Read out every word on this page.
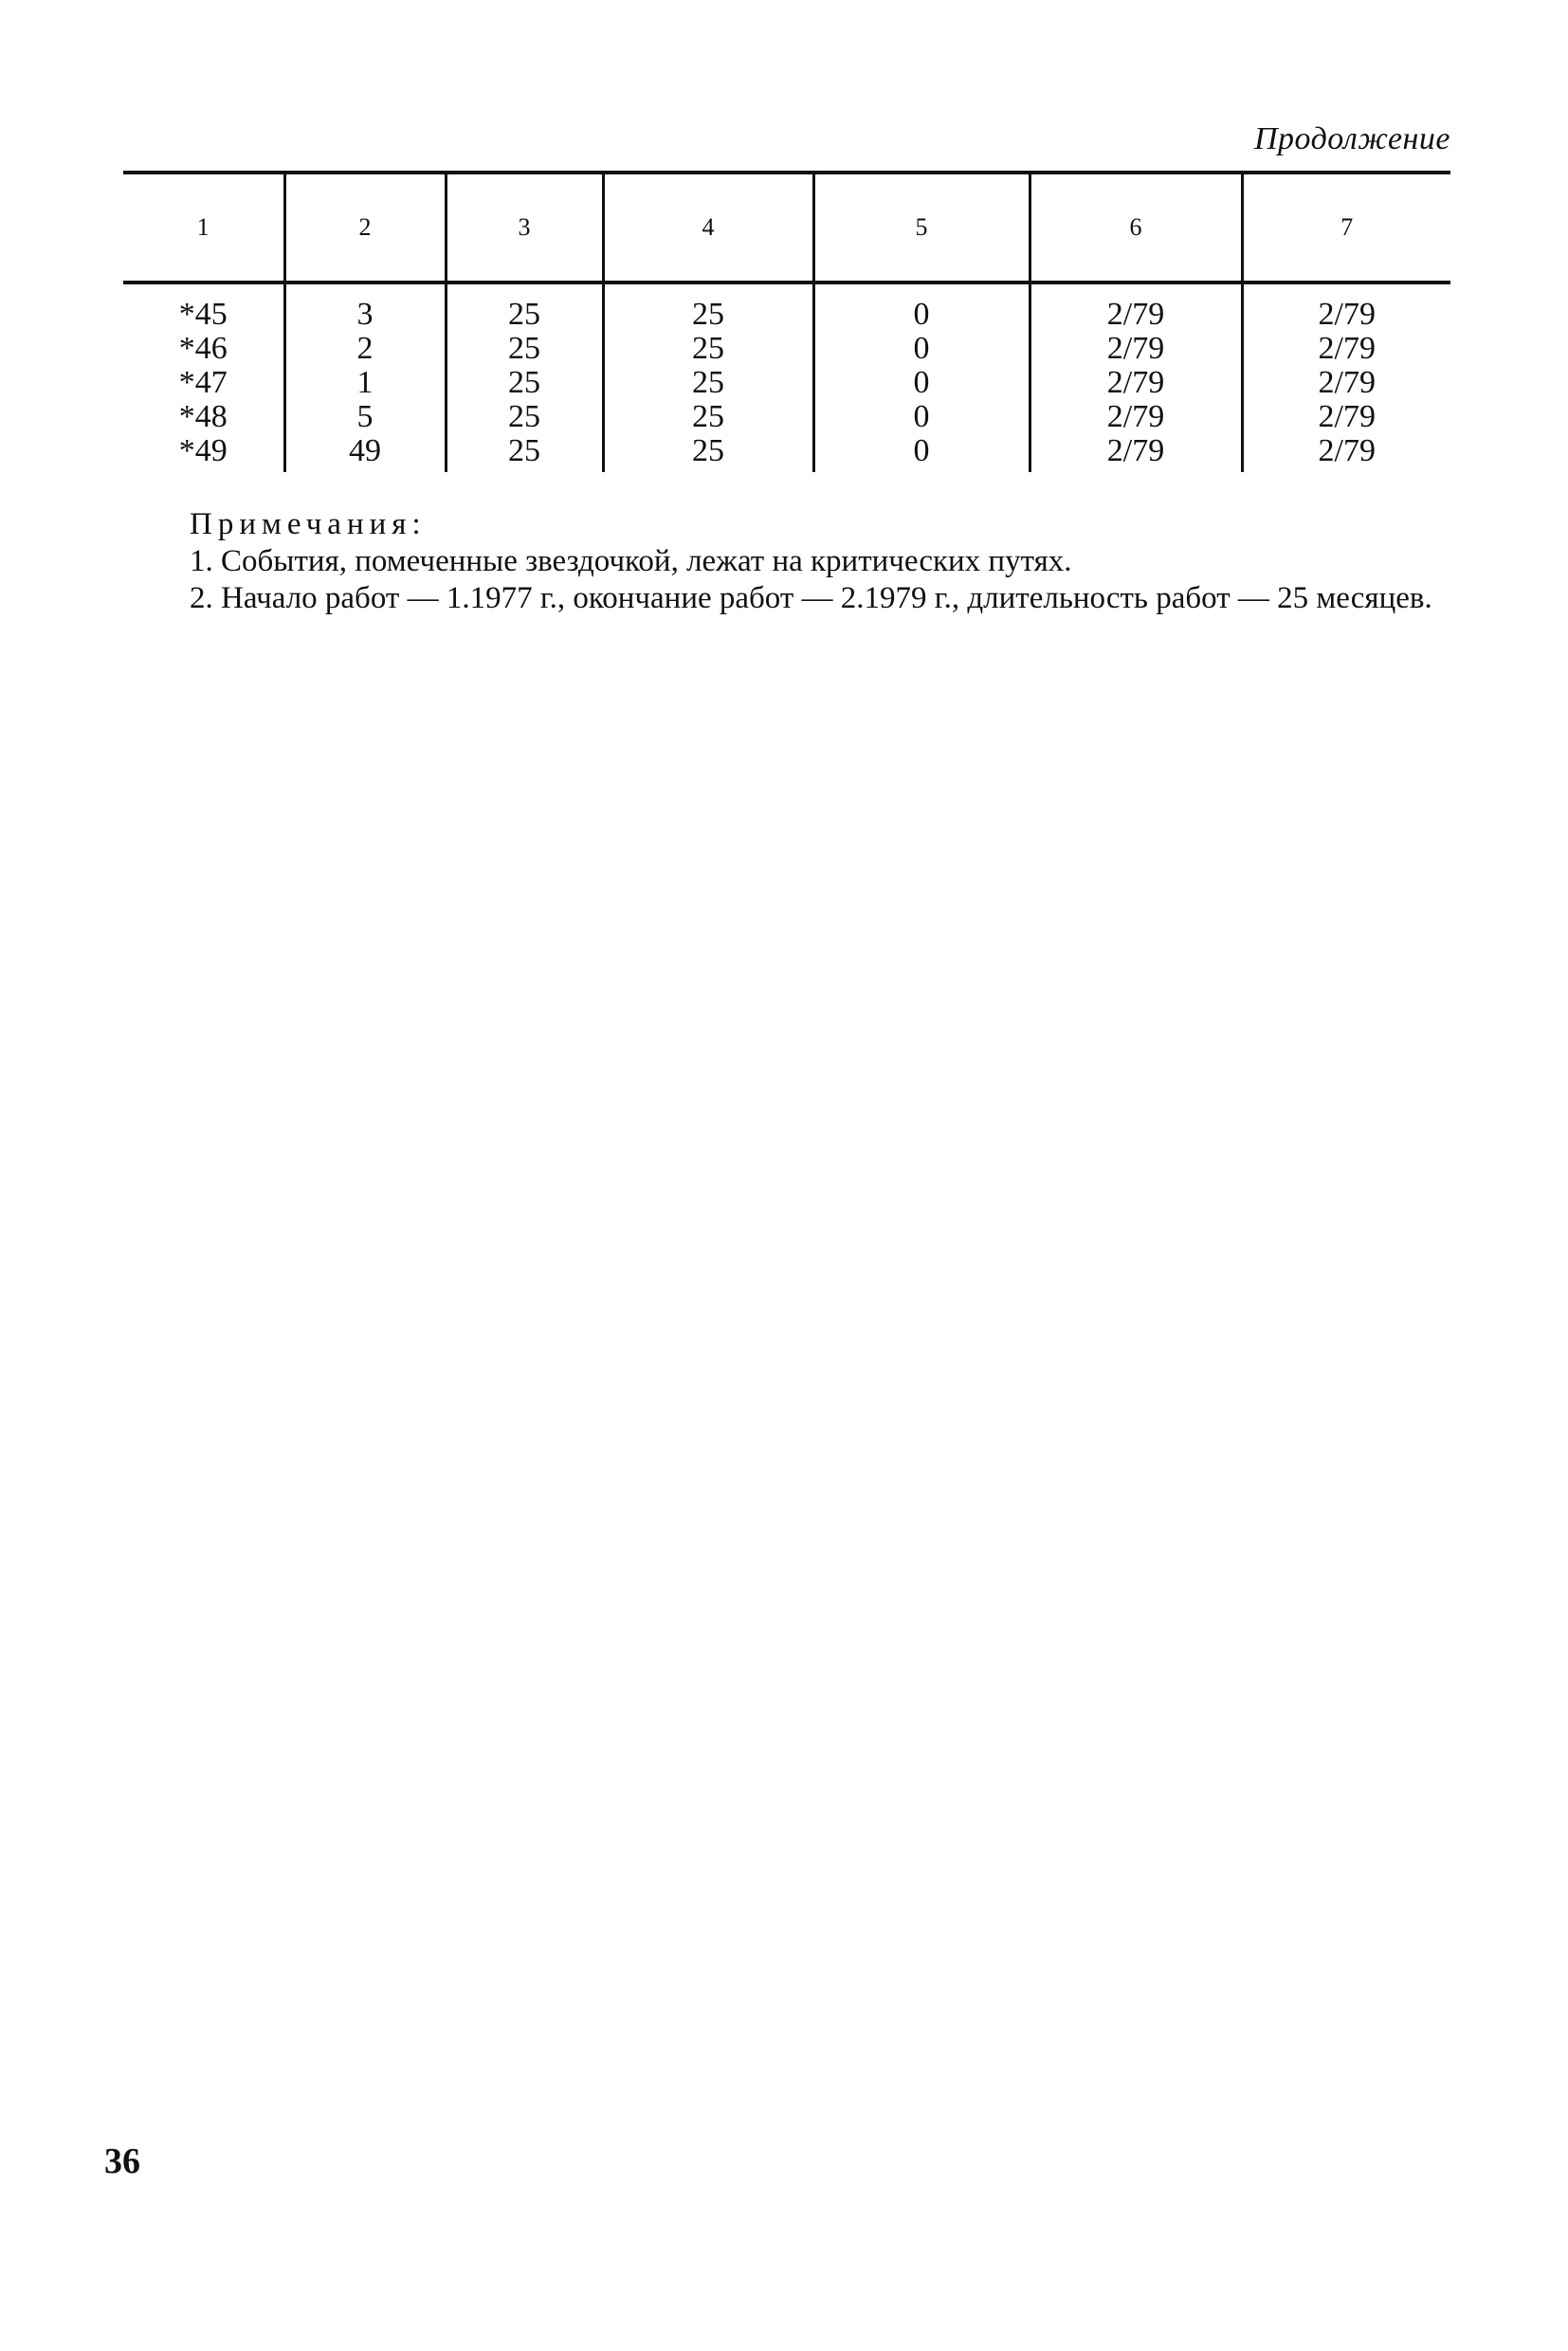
Продолжение
1	2	3	4	5	6	7
*45	3	25	25	0	2/79	2/79
*46	2	25	25	0	2/79	2/79
*47	1	25	25	0	2/79	2/79
*48	5	25	25	0	2/79	2/79
*49	49	25	25	0	2/79	2/79
Примечания:

1. События, помеченные звездочкой, лежат на критических путях.

2. Начало работ — 1.1977 г., окончание работ — 2.1979 г., длительность работ — 25 месяцев.

36
